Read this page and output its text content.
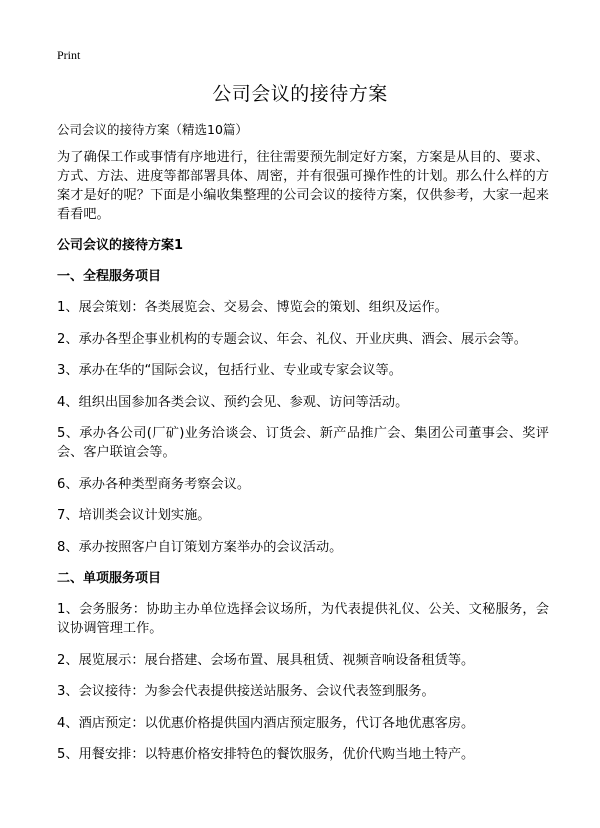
Print
公司会议的接待方案

公司会议的接待方案（精选10篇）

为了确保工作或事情有序地进行，往往需要预先制定好方案，方案是从目的、要求、方式、方法、进度等都部署具体、周密，并有很强可操作性的计划。那么什么样的方案才是好的呢？下面是小编收集整理的公司会议的接待方案，仅供参考，大家一起来看看吧。

公司会议的接待方案1

一、全程服务项目

1、展会策划：各类展览会、交易会、博览会的策划、组织及运作。

2、承办各型企事业机构的专题会议、年会、礼仪、开业庆典、酒会、展示会等。

3、承办在华的“国际会议，包括行业、专业或专家会议等。

4、组织出国参加各类会议、预约会见、参观、访问等活动。

5、承办各公司(厂矿)业务洽谈会、订货会、新产品推广会、集团公司董事会、奖评会、客户联谊会等。

6、承办各种类型商务考察会议。

7、培训类会议计划实施。

8、承办按照客户自订策划方案举办的会议活动。

二、单项服务项目

1、会务服务：协助主办单位选择会议场所，为代表提供礼仪、公关、文秘服务，会议协调管理工作。

2、展览展示：展台搭建、会场布置、展具租赁、视频音响设备租赁等。

3、会议接待：为参会代表提供接送站服务、会议代表签到服务。

4、酒店预定：以优惠价格提供国内酒店预定服务，代订各地优惠客房。

5、用餐安排：以特惠价格安排特色的餐饮服务，优价代购当地土特产。
